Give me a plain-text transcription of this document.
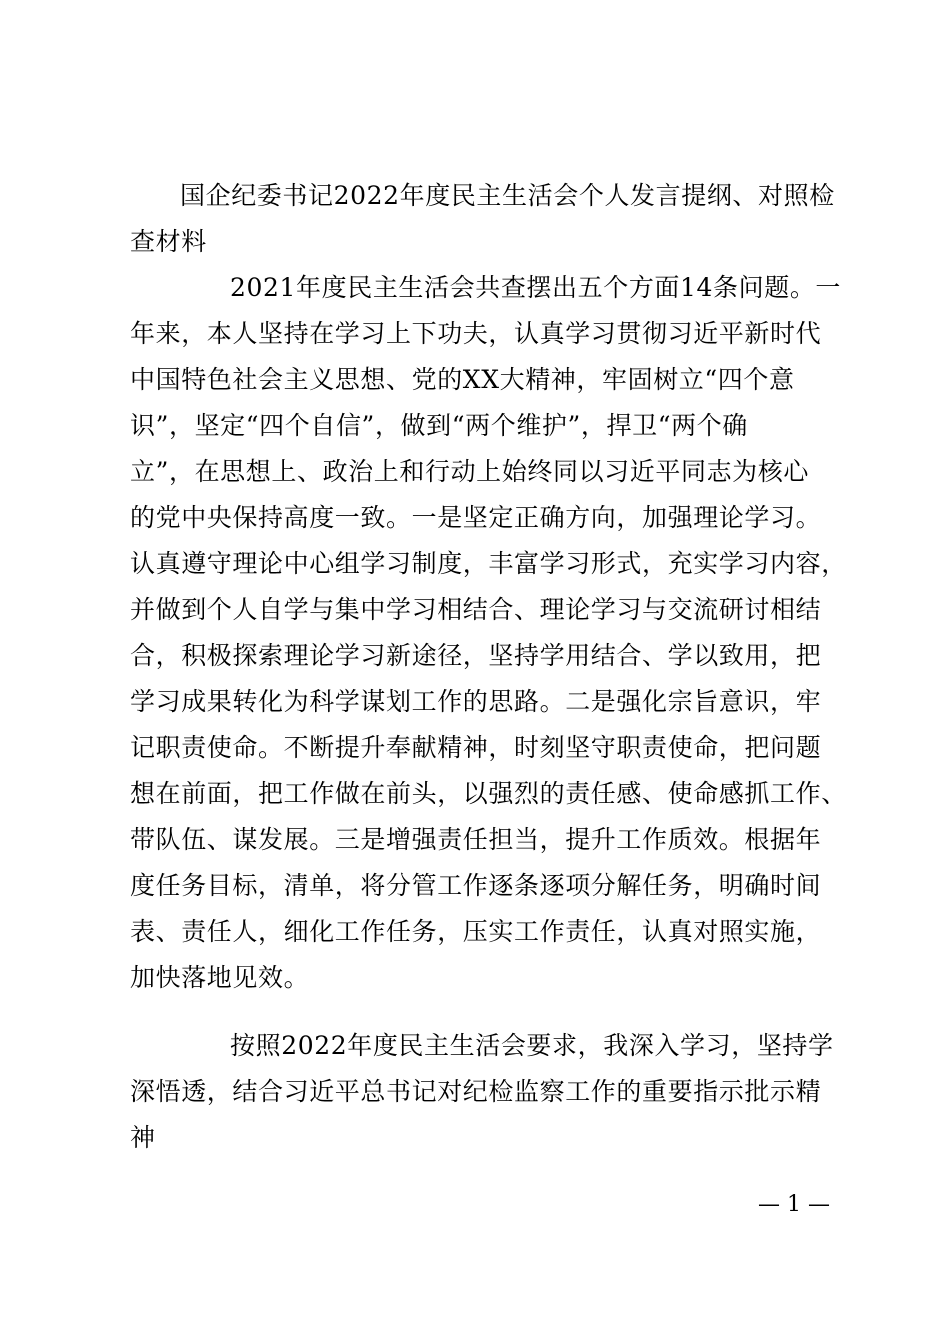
国企纪委书记2022年度民主生活会个人发言提纲、对照检
查材料
2021年度民主生活会共查摆出五个方面14条问题。一
年来，本人坚持在学习上下功夫，认真学习贯彻习近平新时代
中国特色社会主义思想、党的XX大精神，牢固树立“四个意
识”，坚定“四个自信”，做到“两个维护”，捍卫“两个确
立”，在思想上、政治上和行动上始终同以习近平同志为核心
的党中央保持高度一致。一是坚定正确方向，加强理论学习。
认真遵守理论中心组学习制度，丰富学习形式，充实学习内容，
并做到个人自学与集中学习相结合、理论学习与交流研讨相结
合，积极探索理论学习新途径，坚持学用结合、学以致用，把
学习成果转化为科学谋划工作的思路。二是强化宗旨意识，牢
记职责使命。不断提升奉献精神，时刻坚守职责使命，把问题
想在前面，把工作做在前头，以强烈的责任感、使命感抓工作、
带队伍、谋发展。三是增强责任担当，提升工作质效。根据年
度任务目标，清单，将分管工作逐条逐项分解任务，明确时间
表、责任人，细化工作任务，压实工作责任，认真对照实施，
加快落地见效。
按照2022年度民主生活会要求，我深入学习，坚持学
深悟透，结合习近平总书记对纪检监察工作的重要指示批示精
神
— 1 —
